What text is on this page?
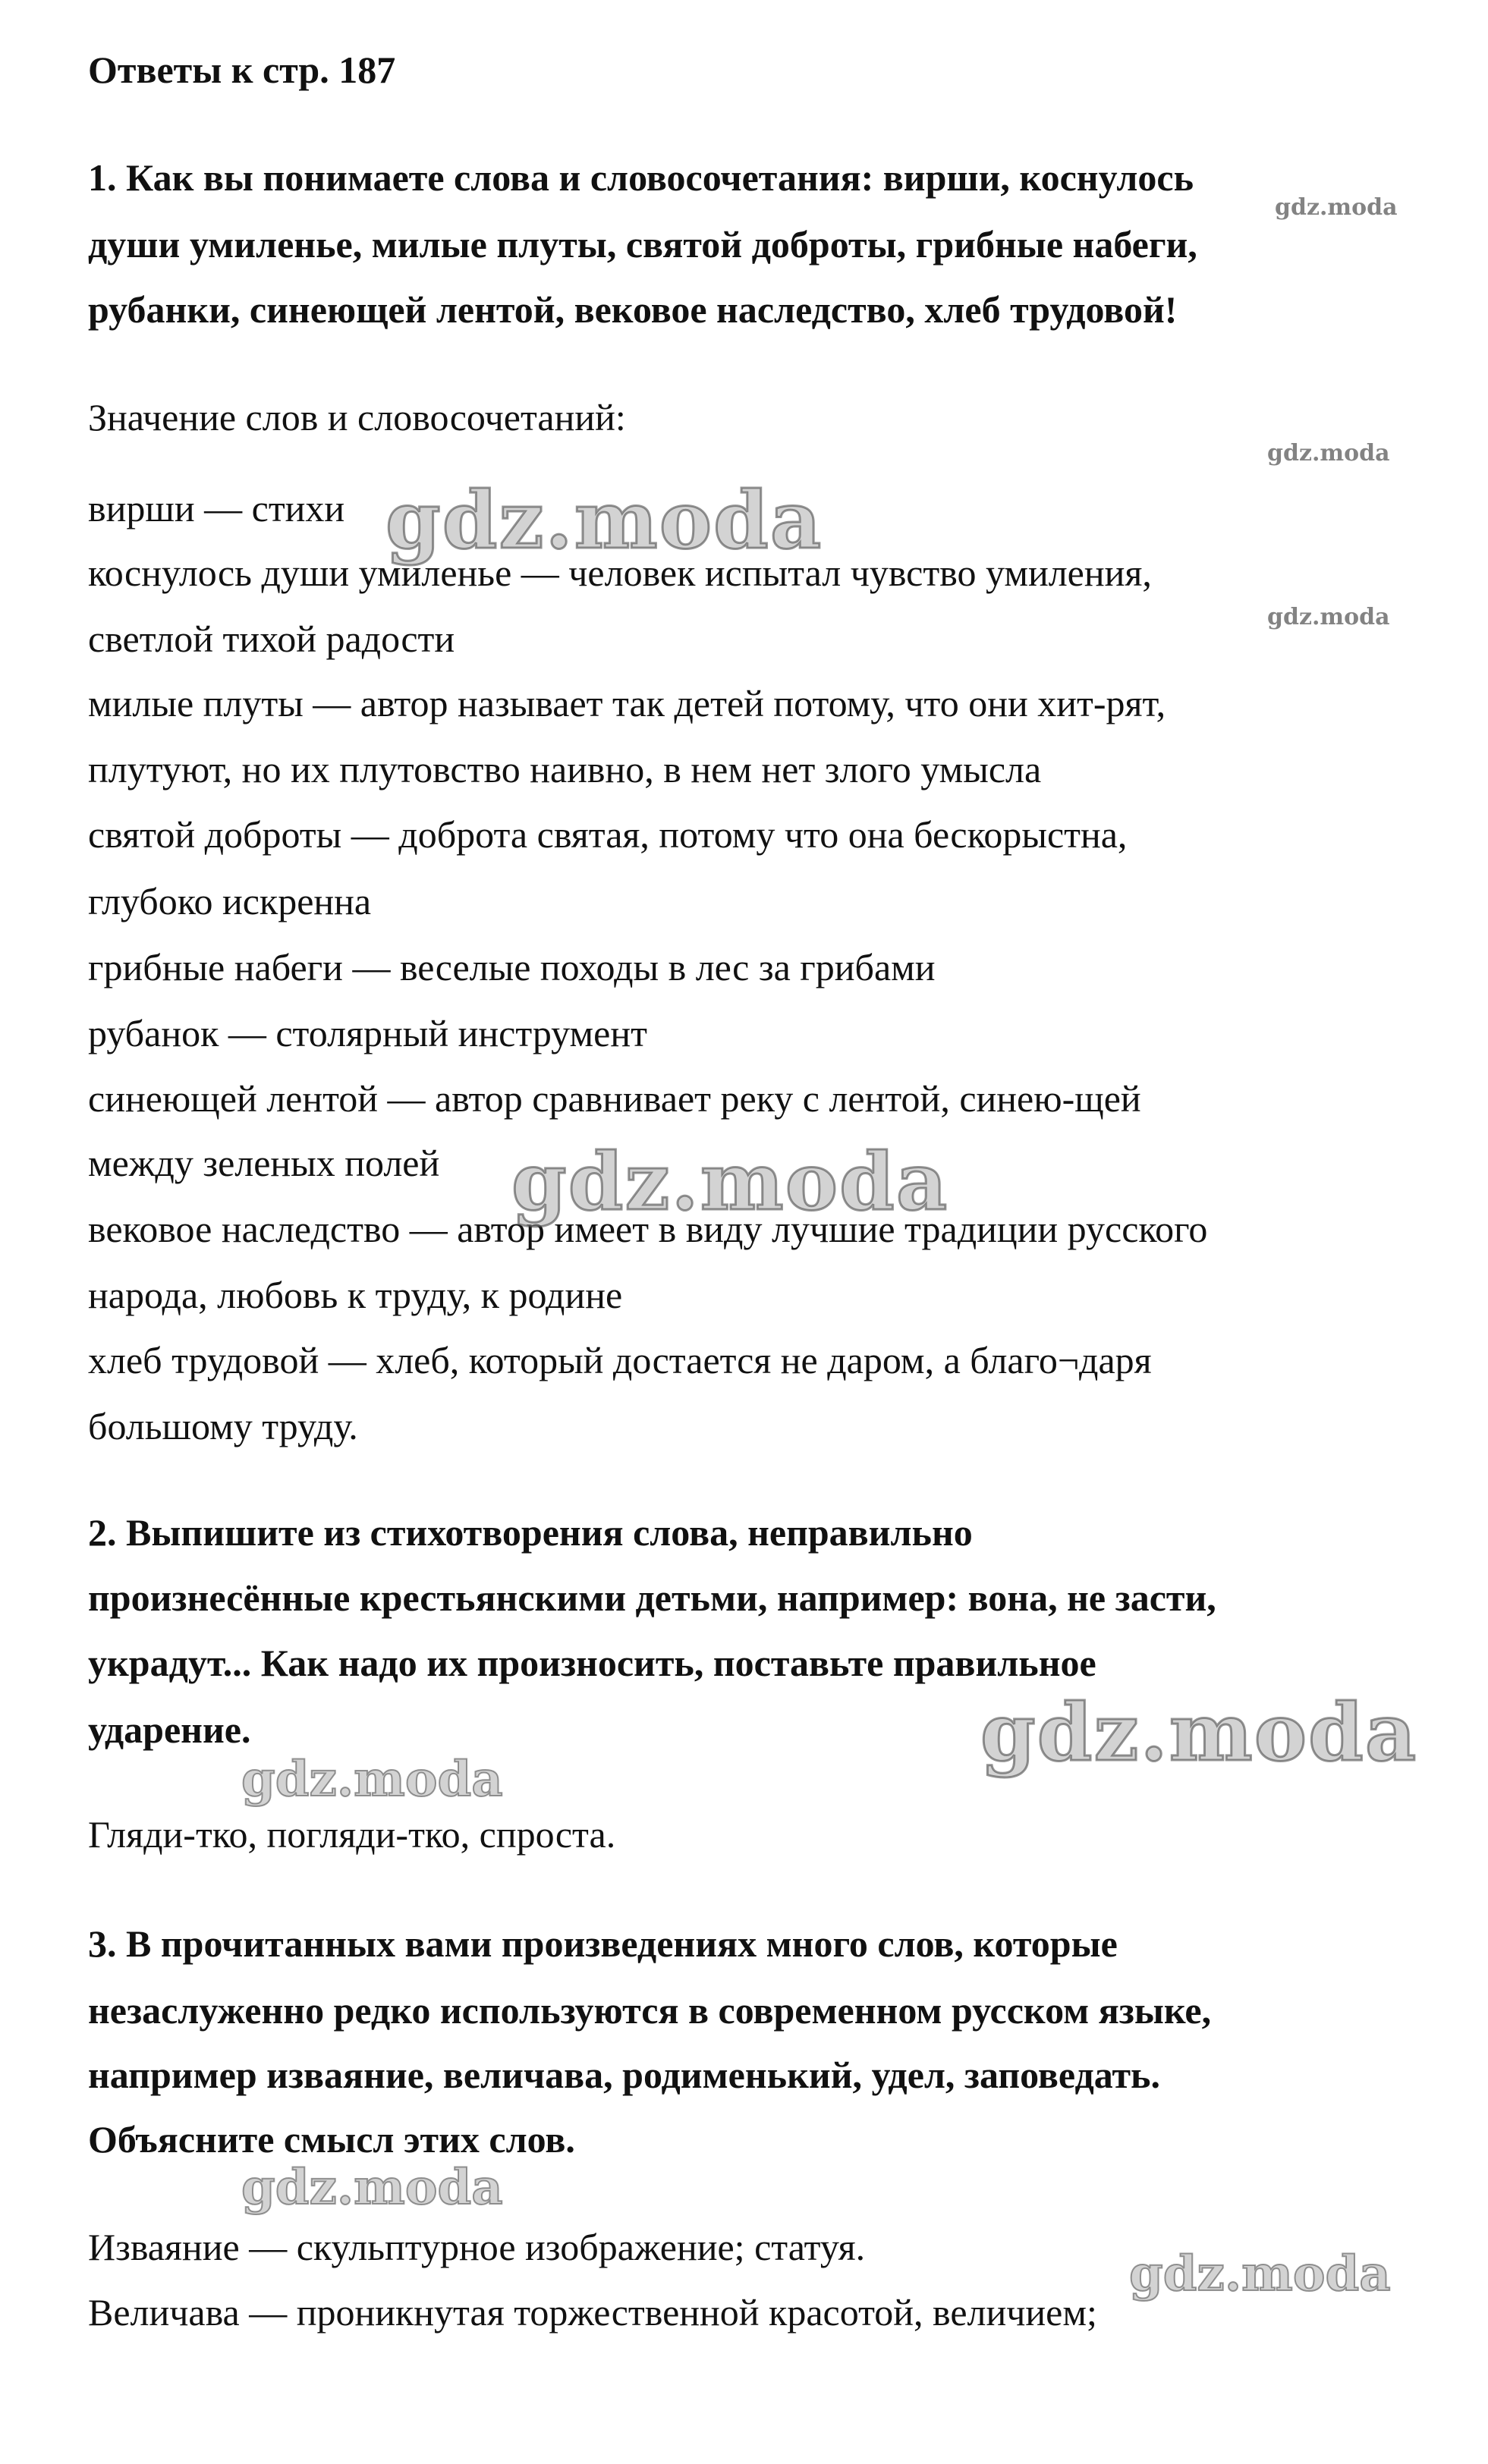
Ответы к стр. 187
1. Как вы понимаете слова и словосочетания: вирши, коснулось
души умиленье, милые плуты, святой доброты, грибные набеги,
рубанки, синеющей лентой, вековое наследство, хлеб трудовой!
Значение слов и словосочетаний:
вирши — стихи
коснулось души умиленье — человек испытал чувство умиления,
светлой тихой радости
милые плуты — автор называет так детей потому, что они хит-рят,
плутуют, но их плутовство наивно, в нем нет злого умысла
святой доброты — доброта святая, потому что она бескорыстна,
глубоко искренна
грибные набеги — веселые походы в лес за грибами
рубанок — столярный инструмент
синеющей лентой — автор сравнивает реку с лентой, синею-щей
между зеленых полей
вековое наследство — автор имеет в виду лучшие традиции русского
народа, любовь к труду, к родине
хлеб трудовой — хлеб, который достается не даром, а благо¬даря
большому труду.
2. Выпишите из стихотворения слова, неправильно
произнесённые крестьянскими детьми, например: вона, не засти,
украдут... Как надо их произносить, поставьте правильное
ударение.
Гляди-тко, погляди-тко, спроста.
3. В прочитанных вами произведениях много слов, которые
незаслуженно редко используются в современном русском языке,
например изваяние, величава, родименький, удел, заповедать.
Объясните смысл этих слов.
Изваяние — скульптурное изображение; статуя.
Величава — проникнутая торжественной красотой, величием;
gdz.moda
gdz.moda
gdz.moda
gdz.moda
gdz.moda
gdz.moda
gdz.moda
gdz.moda
gdz.moda
